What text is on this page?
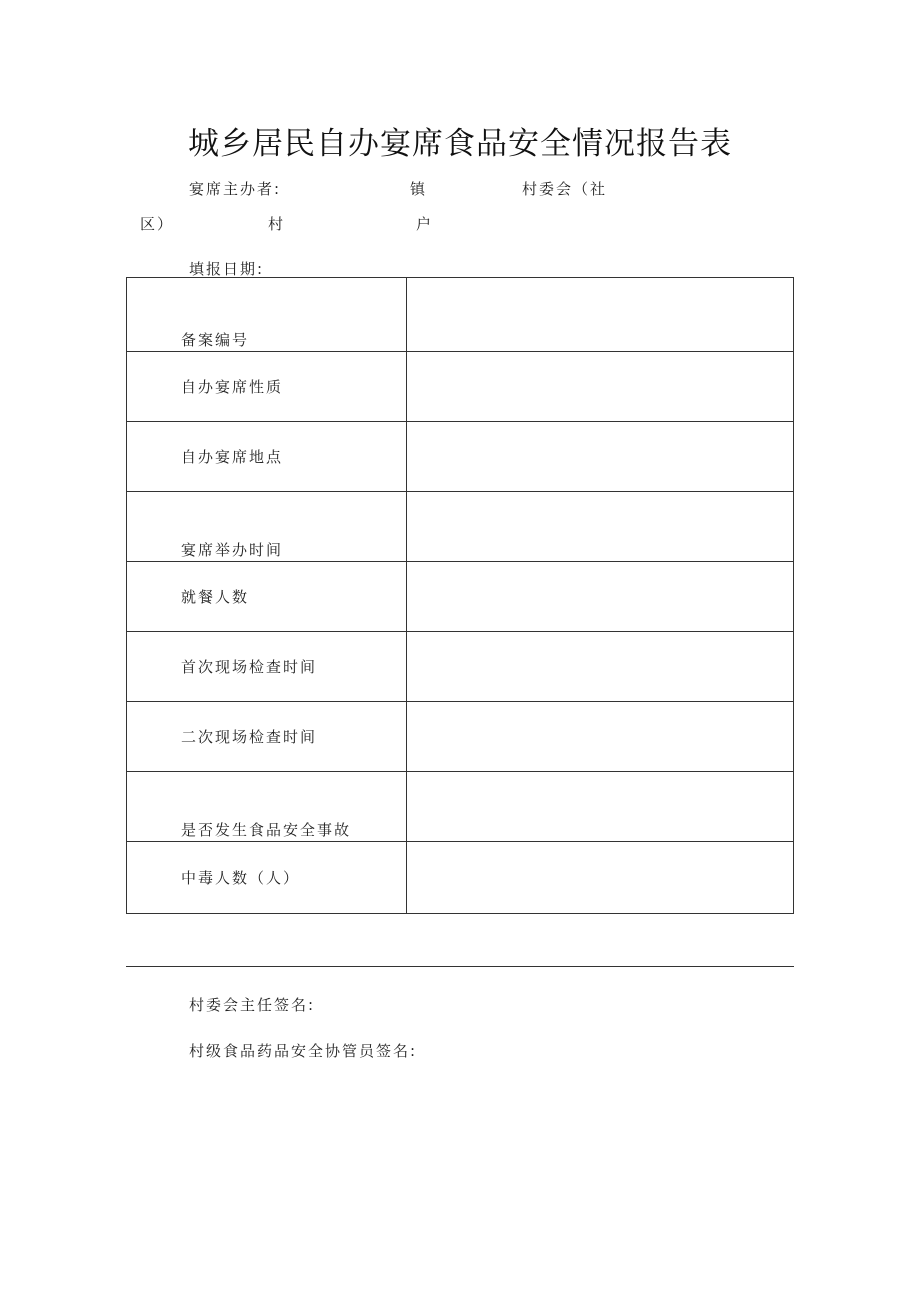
城乡居民自办宴席食品安全情况报告表
宴席主办者:	镇	村委会（社
区）	村	户
填报日期:
备案编号	
自办宴席性质	
自办宴席地点	
宴席举办时间	
就餐人数	
首次现场检查时间	
二次现场检查时间	
是否发生食品安全事故	
中毒人数（人）	
村委会主任签名:
村级食品药品安全协管员签名:
